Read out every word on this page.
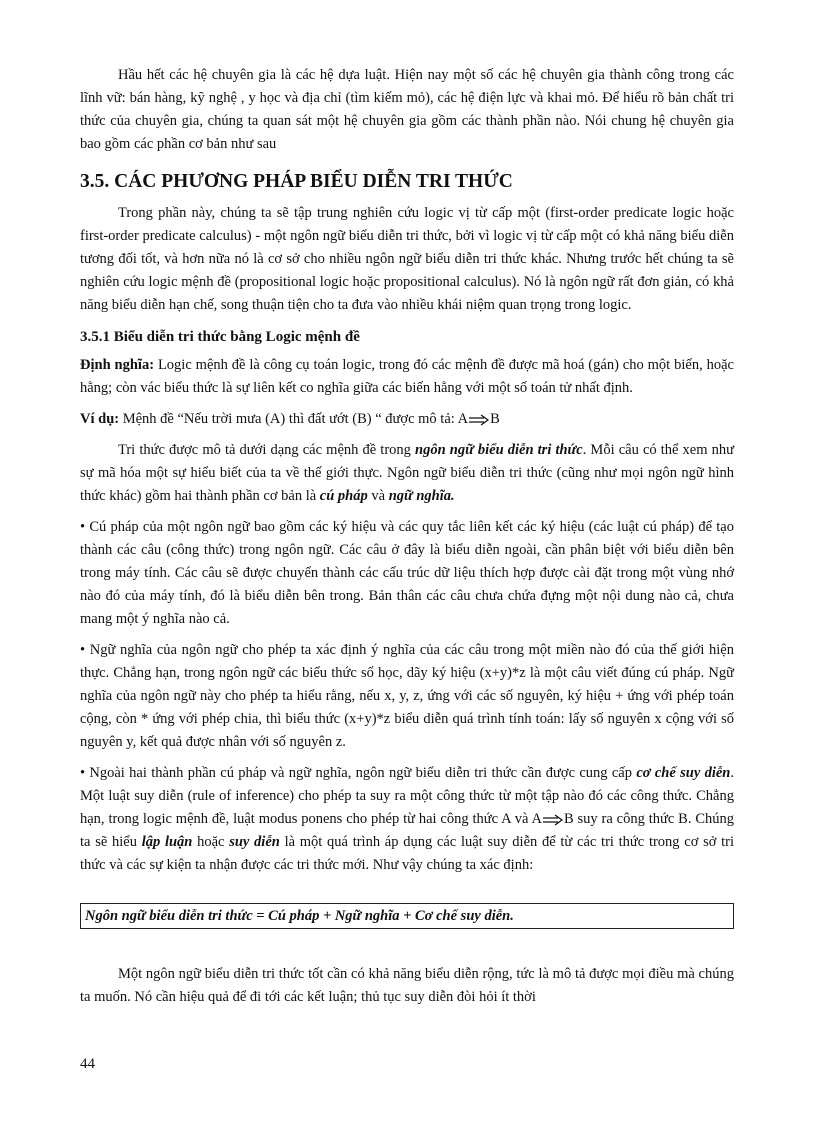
Hầu hết các hệ chuyên gia là các hệ dựa luật. Hiện nay một số các hệ chuyên gia thành công trong các lĩnh vữ: bán hàng, kỹ nghệ , y học và địa chỉ (tìm kiếm mỏ), các hệ điện lực và khai mỏ. Để hiểu rõ bản chất tri thức của chuyên gia, chúng ta quan sát một hệ chuyên gia gồm các thành phần nào. Nói chung hệ chuyên gia bao gồm các phần cơ bản như sau

3.5. CÁC PHƯƠNG PHÁP BIỂU DIỄN TRI THỨC

Trong phần này, chúng ta sẽ tập trung nghiên cứu logic vị từ cấp một (first-order predicate logic hoặc first-order predicate calculus) - một ngôn ngữ biểu diễn tri thức, bởi vì logic vị từ cấp một có khả năng biểu diễn tương đối tốt, và hơn nữa nó là cơ sở cho nhiều ngôn ngữ biểu diễn tri thức khác. Nhưng trước hết chúng ta sẽ nghiên cứu logic mệnh đề (propositional logic hoặc propositional calculus). Nó là ngôn ngữ rất đơn giản, có khả năng biểu diễn hạn chế, song thuận tiện cho ta đưa vào nhiều khái niệm quan trọng trong logic.

3.5.1 Biểu diễn tri thức bằng Logic mệnh đề

Định nghĩa: Logic mệnh đề là công cụ toán logic, trong đó các mệnh đề được mã hoá (gán) cho một biến, hoặc hằng; còn vác biểu thức là sự liên kết co nghĩa giữa các biến hằng với một số toán tử nhất định.

Ví dụ: Mệnh đề “Nếu trời mưa (A) thì đất ướt (B) “ được mô tả: A B

Tri thức được mô tả dưới dạng các mệnh đề trong ngôn ngữ biểu diễn tri thức. Mỗi câu có thể xem như sự mã hóa một sự hiểu biết của ta về thế giới thực. Ngôn ngữ biểu diễn tri thức (cũng như mọi ngôn ngữ hình thức khác) gồm hai thành phần cơ bản là cú pháp và ngữ nghĩa.

• Cú pháp của một ngôn ngữ bao gồm các ký hiệu và các quy tắc liên kết các ký hiệu (các luật cú pháp) để tạo thành các câu (công thức) trong ngôn ngữ. Các câu ở đây là biểu diễn ngoài, cần phân biệt với biểu diễn bên trong máy tính. Các câu sẽ được chuyển thành các cấu trúc dữ liệu thích hợp được cài đặt trong một vùng nhớ nào đó của máy tính, đó là biểu diễn bên trong. Bản thân các câu chưa chứa đựng một nội dung nào cả, chưa mang một ý nghĩa nào cả.

• Ngữ nghĩa của ngôn ngữ cho phép ta xác định ý nghĩa của các câu trong một miền nào đó của thế giới hiện thực. Chẳng hạn, trong ngôn ngữ các biểu thức số học, dãy ký hiệu (x+y)*z là một câu viết đúng cú pháp. Ngữ nghĩa của ngôn ngữ này cho phép ta hiểu rằng, nếu x, y, z, ứng với các số nguyên, ký hiệu + ứng với phép toán cộng, còn * ứng với phép chia, thì biểu thức (x+y)*z biểu diễn quá trình tính toán: lấy số nguyên x cộng với số nguyên y, kết quả được nhân với số nguyên z.

• Ngoài hai thành phần cú pháp và ngữ nghĩa, ngôn ngữ biểu diễn tri thức cần được cung cấp cơ chế suy diễn. Một luật suy diễn (rule of inference) cho phép ta suy ra một công thức từ một tập nào đó các công thức. Chẳng hạn, trong logic mệnh đề, luật modus ponens cho phép từ hai công thức A và A B suy ra công thức B. Chúng ta sẽ hiểu lập luận hoặc suy diễn là một quá trình áp dụng các luật suy diễn để từ các tri thức trong cơ sở tri thức và các sự kiện ta nhận được các tri thức mới. Như vậy chúng ta xác định:

Ngôn ngữ biểu diễn tri thức = Cú pháp + Ngữ nghĩa + Cơ chế suy diễn.

Một ngôn ngữ biểu diễn tri thức tốt cần có khả năng biểu diễn rộng, tức là mô tả được mọi điều mà chúng ta muốn. Nó cần hiệu quả để đi tới các kết luận; thủ tục suy diễn đòi hỏi ít thời

44
